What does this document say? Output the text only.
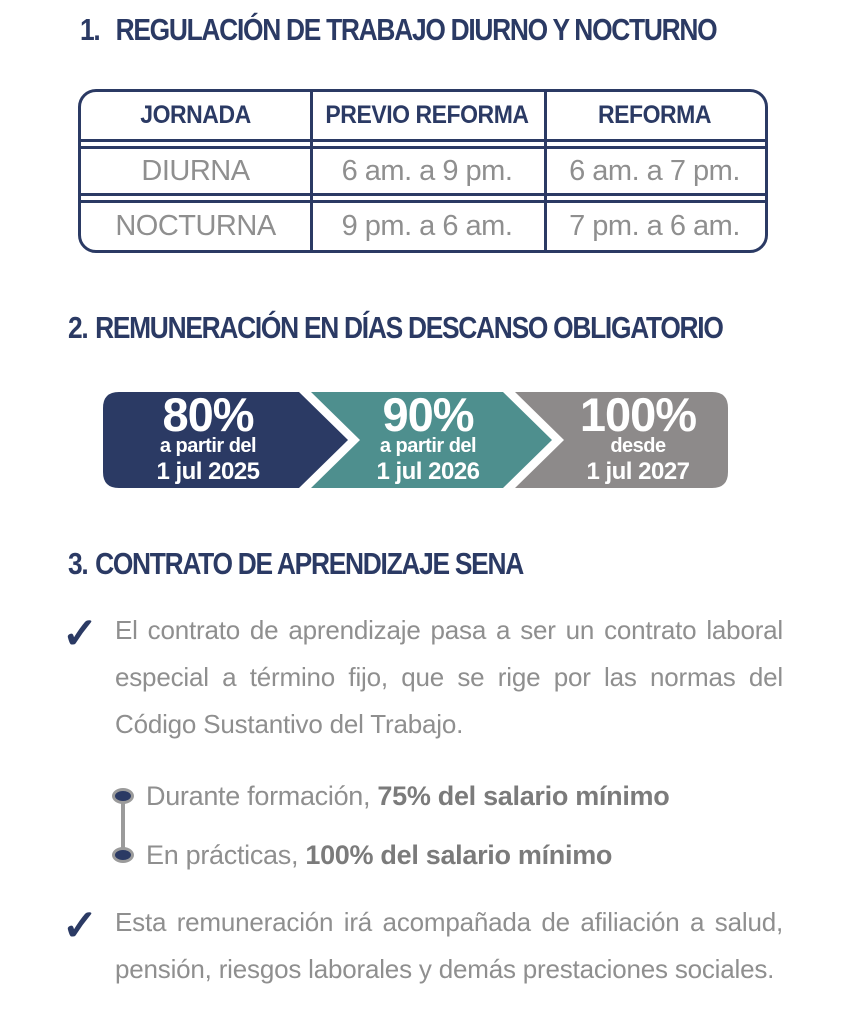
1. REGULACIÓN DE TRABAJO DIURNO Y NOCTURNO
JORNADA	PREVIO REFORMA	REFORMA
DIURNA	6 am. a 9 pm.	6 am. a 7 pm.
NOCTURNA	9 pm. a 6 am.	7 pm. a 6 am.
2. REMUNERACIÓN EN DÍAS DESCANSO OBLIGATORIO
80%
a partir del
1 jul 2025
90%
a partir del
1 jul 2026
100%
desde
1 jul 2027
3. CONTRATO DE APRENDIZAJE SENA
✓ El contrato de aprendizaje pasa a ser un contrato laboral especial a término fijo, que se rige por las normas del Código Sustantivo del Trabajo.

Durante formación, 75% del salario mínimo
En prácticas, 100% del salario mínimo
✓ Esta remuneración irá acompañada de afiliación a salud, pensión, riesgos laborales y demás prestaciones sociales.
